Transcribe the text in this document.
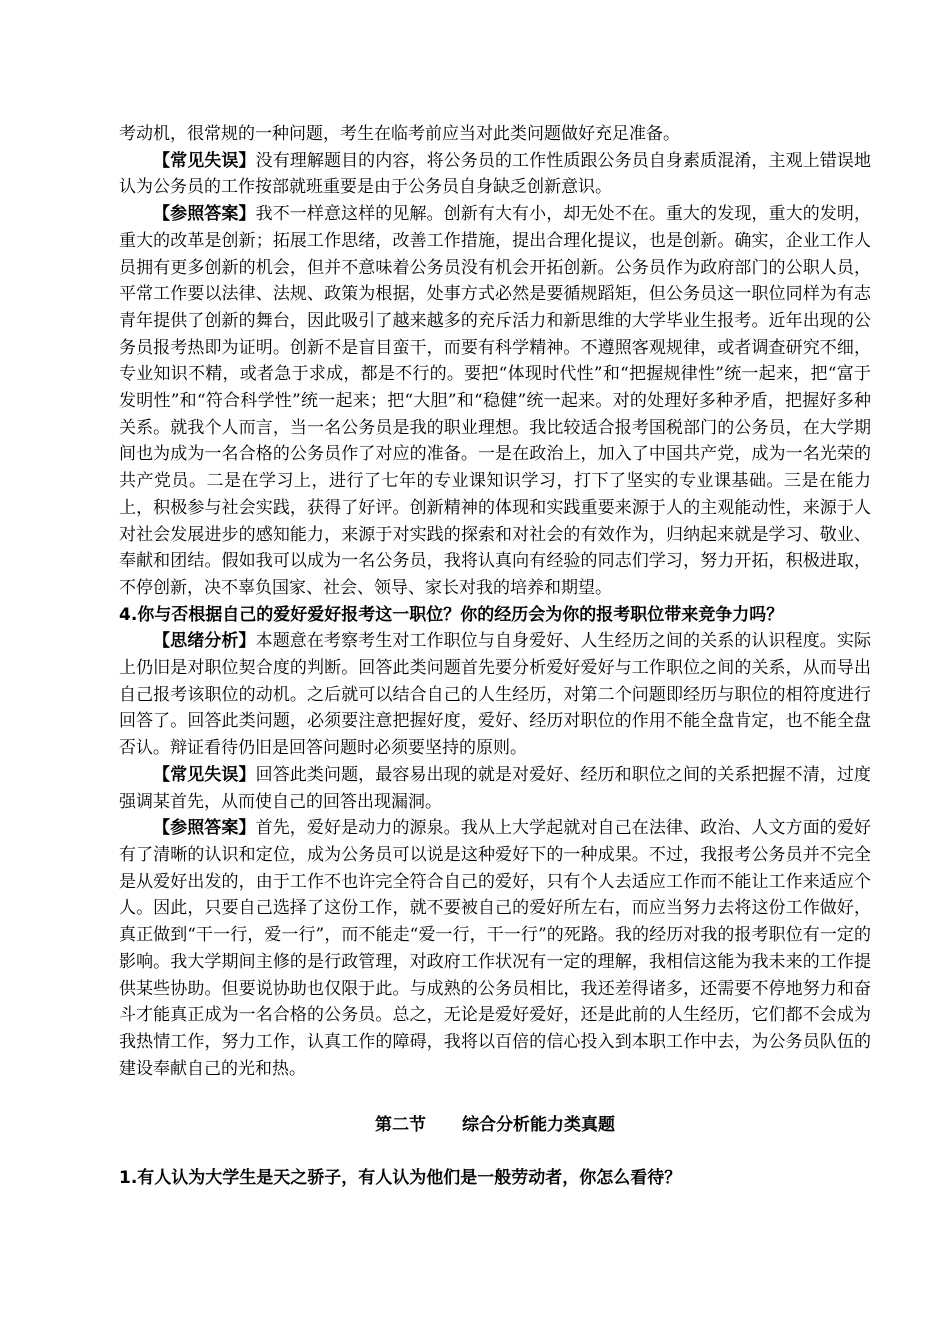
考动机，很常规的一种问题，考生在临考前应当对此类问题做好充足准备。

【常见失误】没有理解题目的内容，将公务员的工作性质跟公务员自身素质混淆，主观上错误地认为公务员的工作按部就班重要是由于公务员自身缺乏创新意识。

【参照答案】我不一样意这样的见解。创新有大有小，却无处不在。重大的发现，重大的发明，重大的改革是创新；拓展工作思绪，改善工作措施，提出合理化提议，也是创新。确实，企业工作人员拥有更多创新的机会，但并不意味着公务员没有机会开拓创新。公务员作为政府部门的公职人员，平常工作要以法律、法规、政策为根据，处事方式必然是要循规蹈矩，但公务员这一职位同样为有志青年提供了创新的舞台，因此吸引了越来越多的充斥活力和新思维的大学毕业生报考。近年出现的公务员报考热即为证明。创新不是盲目蛮干，而要有科学精神。不遵照客观规律，或者调查研究不细，专业知识不精，或者急于求成，都是不行的。要把“体现时代性”和“把握规律性”统一起来，把“富于发明性”和“符合科学性”统一起来；把“大胆”和“稳健”统一起来。对的处理好多种矛盾，把握好多种关系。就我个人而言，当一名公务员是我的职业理想。我比较适合报考国税部门的公务员，在大学期间也为成为一名合格的公务员作了对应的准备。一是在政治上，加入了中国共产党，成为一名光荣的共产党员。二是在学习上，进行了七年的专业课知识学习，打下了坚实的专业课基础。三是在能力上，积极参与社会实践，获得了好评。创新精神的体现和实践重要来源于人的主观能动性，来源于人对社会发展进步的感知能力，来源于对实践的探索和对社会的有效作为，归纳起来就是学习、敬业、奉献和团结。假如我可以成为一名公务员，我将认真向有经验的同志们学习，努力开拓，积极进取，不停创新，决不辜负国家、社会、领导、家长对我的培养和期望。

4.你与否根据自己的爱好爱好报考这一职位？你的经历会为你的报考职位带来竞争力吗？

【思绪分析】本题意在考察考生对工作职位与自身爱好、人生经历之间的关系的认识程度。实际上仍旧是对职位契合度的判断。回答此类问题首先要分析爱好爱好与工作职位之间的关系，从而导出自己报考该职位的动机。之后就可以结合自己的人生经历，对第二个问题即经历与职位的相符度进行回答了。回答此类问题，必须要注意把握好度，爱好、经历对职位的作用不能全盘肯定，也不能全盘否认。辩证看待仍旧是回答问题时必须要坚持的原则。

【常见失误】回答此类问题，最容易出现的就是对爱好、经历和职位之间的关系把握不清，过度强调某首先，从而使自己的回答出现漏洞。

【参照答案】首先，爱好是动力的源泉。我从上大学起就对自己在法律、政治、人文方面的爱好有了清晰的认识和定位，成为公务员可以说是这种爱好下的一种成果。不过，我报考公务员并不完全是从爱好出发的，由于工作不也许完全符合自己的爱好，只有个人去适应工作而不能让工作来适应个人。因此，只要自己选择了这份工作，就不要被自己的爱好所左右，而应当努力去将这份工作做好，真正做到“干一行，爱一行”，而不能走“爱一行，干一行”的死路。我的经历对我的报考职位有一定的影响。我大学期间主修的是行政管理，对政府工作状况有一定的理解，我相信这能为我未来的工作提供某些协助。但要说协助也仅限于此。与成熟的公务员相比，我还差得诸多，还需要不停地努力和奋斗才能真正成为一名合格的公务员。总之，无论是爱好爱好，还是此前的人生经历，它们都不会成为我热情工作，努力工作，认真工作的障碍，我将以百倍的信心投入到本职工作中去，为公务员队伍的建设奉献自己的光和热。

第二节 综合分析能力类真题

1.有人认为大学生是天之骄子，有人认为他们是一般劳动者，你怎么看待？
